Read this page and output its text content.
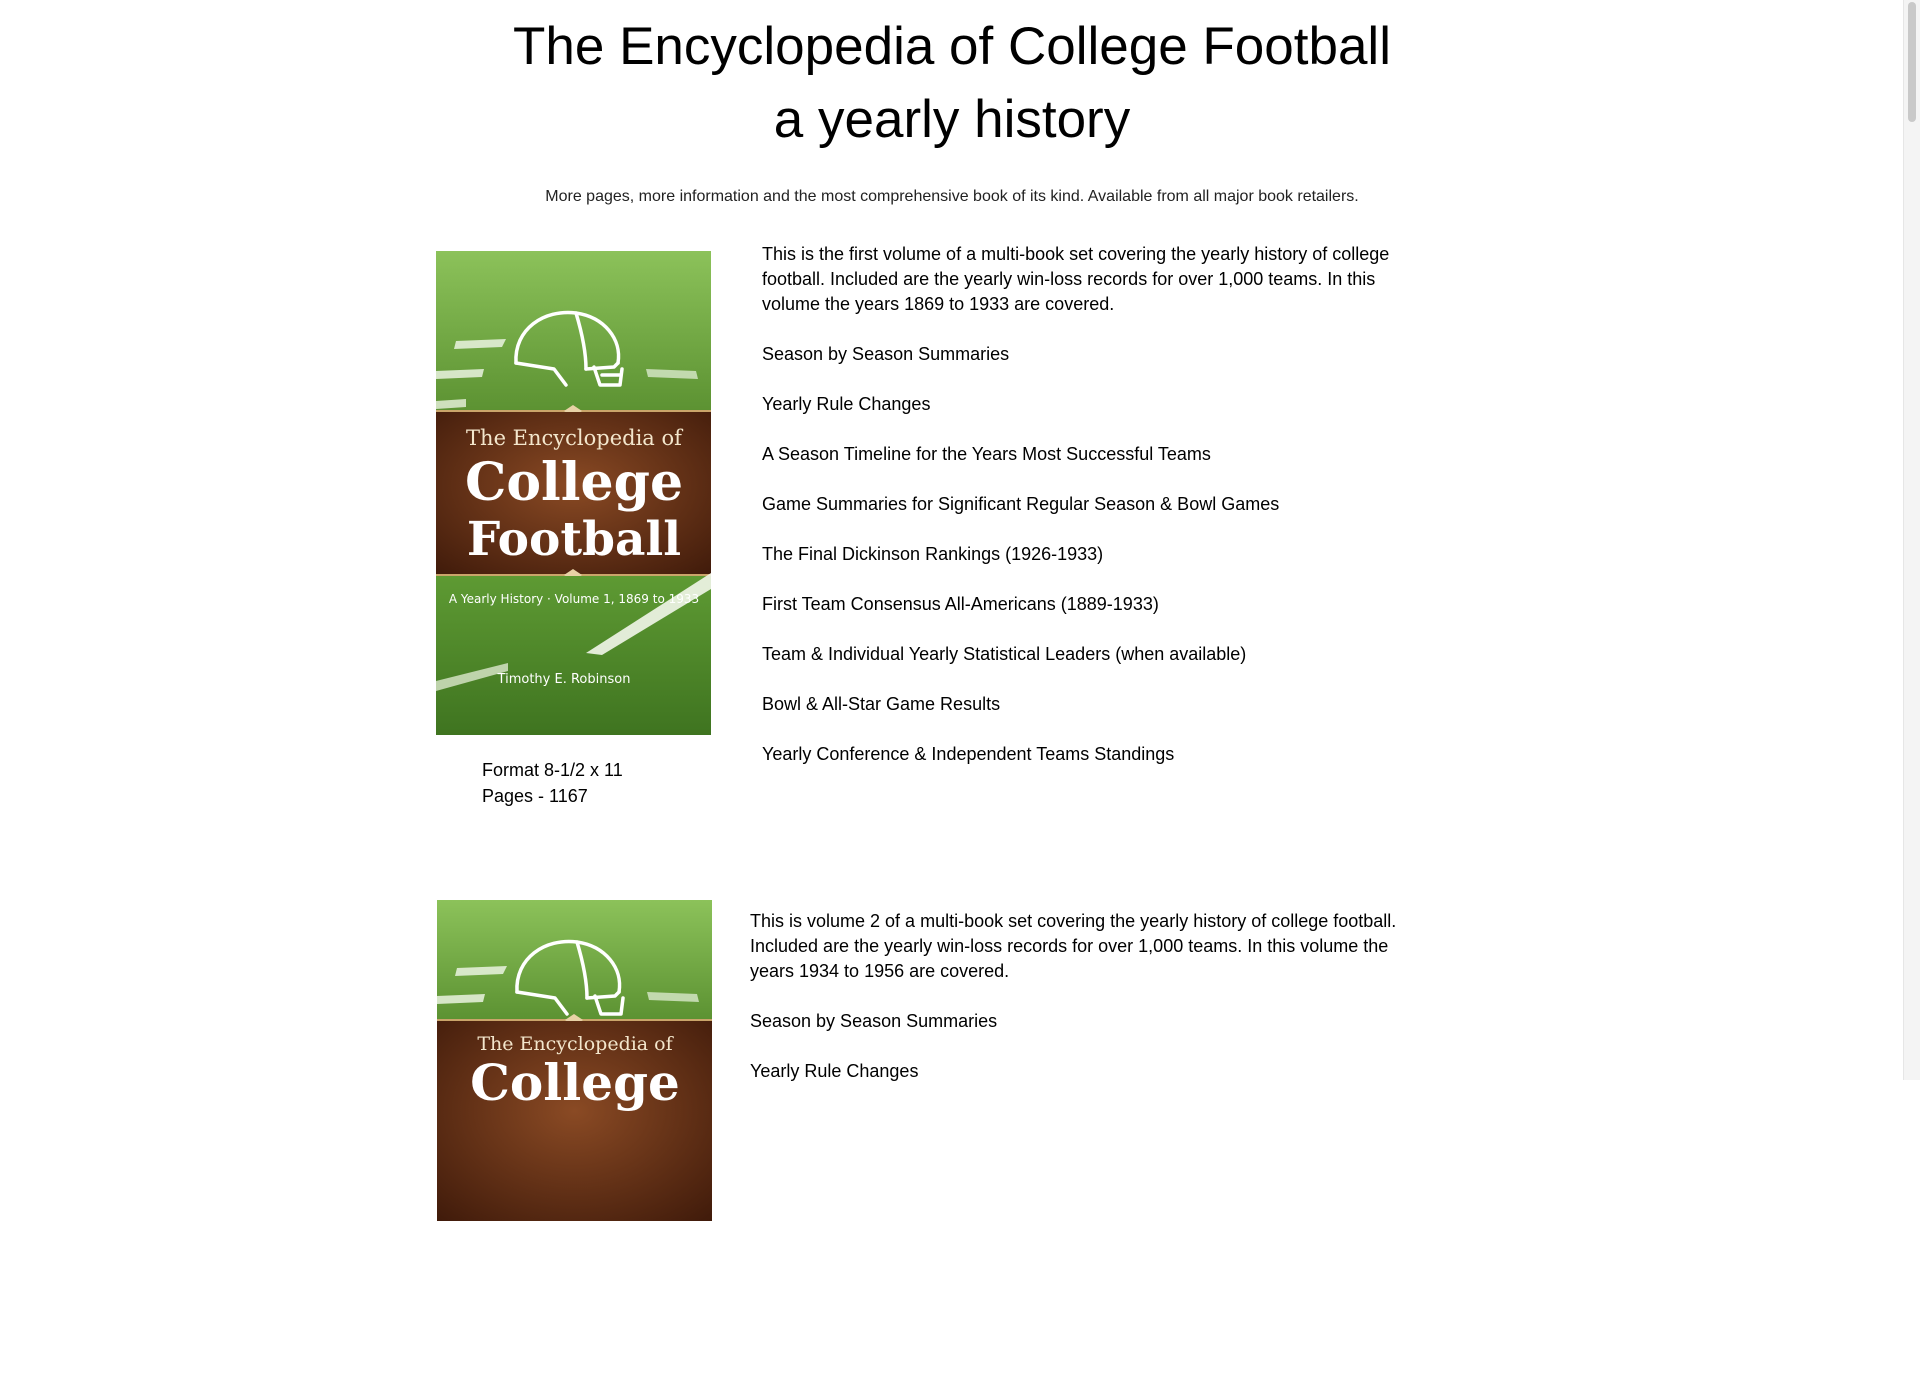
The Encyclopedia of College Football
a yearly history
More pages, more information and the most comprehensive book of its kind. Available from all major book retailers.
The Encyclopedia of
College
Football
A Yearly History · Volume 1, 1869 to 1933
Timothy E. Robinson
Format 8-1/2 x 11
Pages - 1167

This is the first volume of a multi-book set covering the yearly history of college football. Included are the yearly win-loss records for over 1,000 teams. In this volume the years 1869 to 1933 are covered.

Season by Season Summaries

Yearly Rule Changes

A Season Timeline for the Years Most Successful Teams

Game Summaries for Significant Regular Season & Bowl Games

The Final Dickinson Rankings (1926-1933)

First Team Consensus All-Americans (1889-1933)

Team & Individual Yearly Statistical Leaders (when available)

Bowl & All-Star Game Results

Yearly Conference & Independent Teams Standings

The Encyclopedia of
College

This is volume 2 of a multi-book set covering the yearly history of college football. Included are the yearly win-loss records for over 1,000 teams. In this volume the years 1934 to 1956 are covered.

Season by Season Summaries

Yearly Rule Changes
